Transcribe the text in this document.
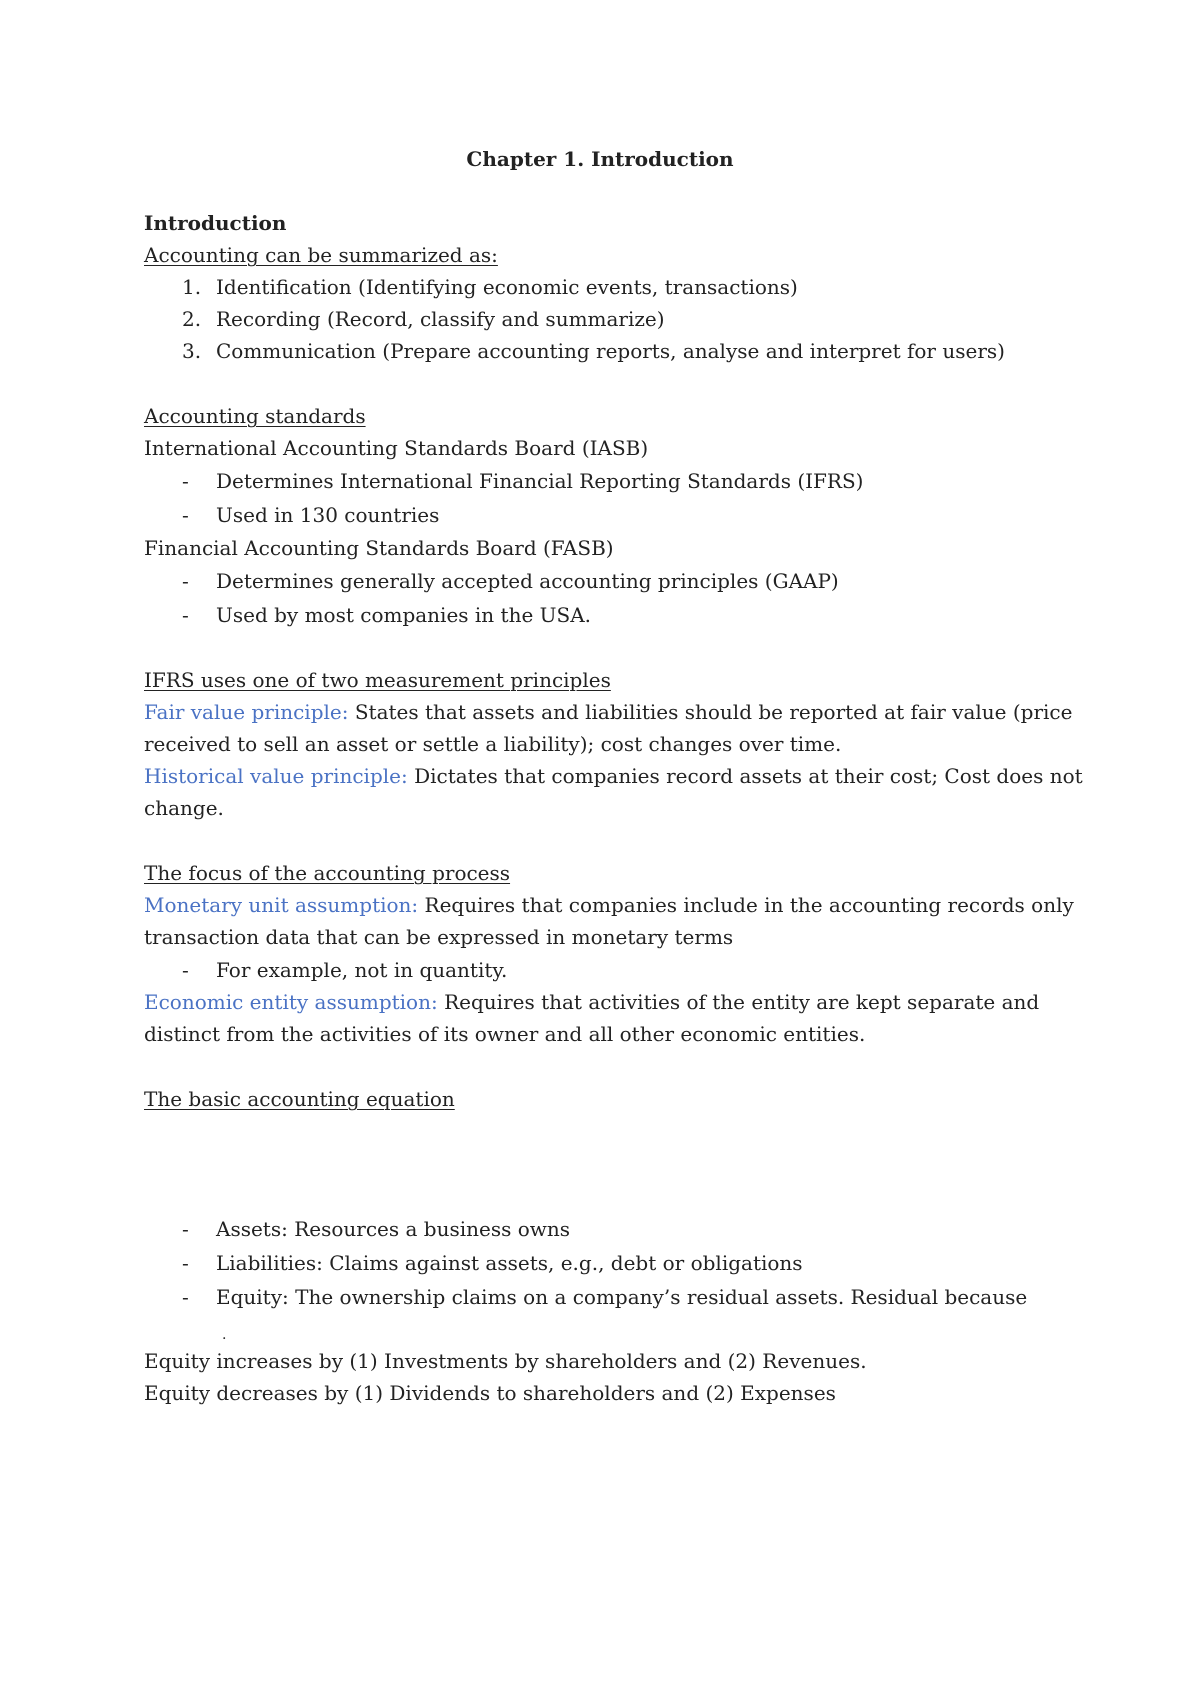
Chapter 1. Introduction
Introduction
Accounting can be summarized as:
1. Identification (Identifying economic events, transactions)
2. Recording (Record, classify and summarize)
3. Communication (Prepare accounting reports, analyse and interpret for users)
Accounting standards
International Accounting Standards Board (IASB)
- Determines International Financial Reporting Standards (IFRS)
- Used in 130 countries
Financial Accounting Standards Board (FASB)
- Determines generally accepted accounting principles (GAAP)
- Used by most companies in the USA.
IFRS uses one of two measurement principles
Fair value principle: States that assets and liabilities should be reported at fair value (price
received to sell an asset or settle a liability); cost changes over time.
Historical value principle: Dictates that companies record assets at their cost; Cost does not
change.
The focus of the accounting process
Monetary unit assumption: Requires that companies include in the accounting records only
transaction data that can be expressed in monetary terms
- For example, not in quantity.
Economic entity assumption: Requires that activities of the entity are kept separate and
distinct from the activities of its owner and all other economic entities.
The basic accounting equation
- Assets: Resources a business owns
- Liabilities: Claims against assets, e.g., debt or obligations
- Equity: The ownership claims on a company’s residual assets. Residual because
.
Equity increases by (1) Investments by shareholders and (2) Revenues.
Equity decreases by (1) Dividends to shareholders and (2) Expenses
